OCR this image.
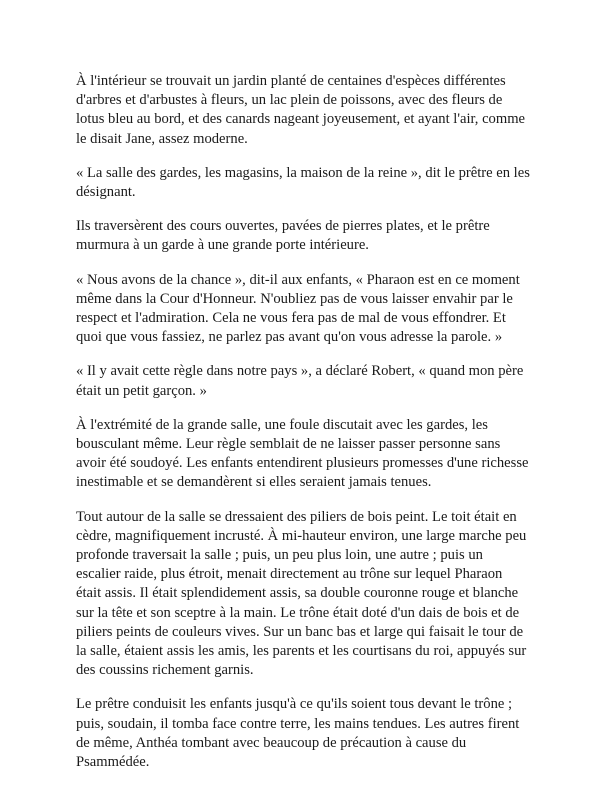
À l'intérieur se trouvait un jardin planté de centaines d'espèces différentes d'arbres et d'arbustes à fleurs, un lac plein de poissons, avec des fleurs de lotus bleu au bord, et des canards nageant joyeusement, et ayant l'air, comme le disait Jane, assez moderne.

« La salle des gardes, les magasins, la maison de la reine », dit le prêtre en les désignant.

Ils traversèrent des cours ouvertes, pavées de pierres plates, et le prêtre murmura à un garde à une grande porte intérieure.

« Nous avons de la chance », dit-il aux enfants, « Pharaon est en ce moment même dans la Cour d'Honneur. N'oubliez pas de vous laisser envahir par le respect et l'admiration. Cela ne vous fera pas de mal de vous effondrer. Et quoi que vous fassiez, ne parlez pas avant qu'on vous adresse la parole. »

« Il y avait cette règle dans notre pays », a déclaré Robert, « quand mon père était un petit garçon. »

À l'extrémité de la grande salle, une foule discutait avec les gardes, les bousculant même. Leur règle semblait de ne laisser passer personne sans avoir été soudoyé. Les enfants entendirent plusieurs promesses d'une richesse inestimable et se demandèrent si elles seraient jamais tenues.

Tout autour de la salle se dressaient des piliers de bois peint. Le toit était en cèdre, magnifiquement incrusté. À mi-hauteur environ, une large marche peu profonde traversait la salle ; puis, un peu plus loin, une autre ; puis un escalier raide, plus étroit, menait directement au trône sur lequel Pharaon était assis. Il était splendidement assis, sa double couronne rouge et blanche sur la tête et son sceptre à la main. Le trône était doté d'un dais de bois et de piliers peints de couleurs vives. Sur un banc bas et large qui faisait le tour de la salle, étaient assis les amis, les parents et les courtisans du roi, appuyés sur des coussins richement garnis.

Le prêtre conduisit les enfants jusqu'à ce qu'ils soient tous devant le trône ; puis, soudain, il tomba face contre terre, les mains tendues. Les autres firent de même, Anthéa tombant avec beaucoup de précaution à cause du Psammédée.
